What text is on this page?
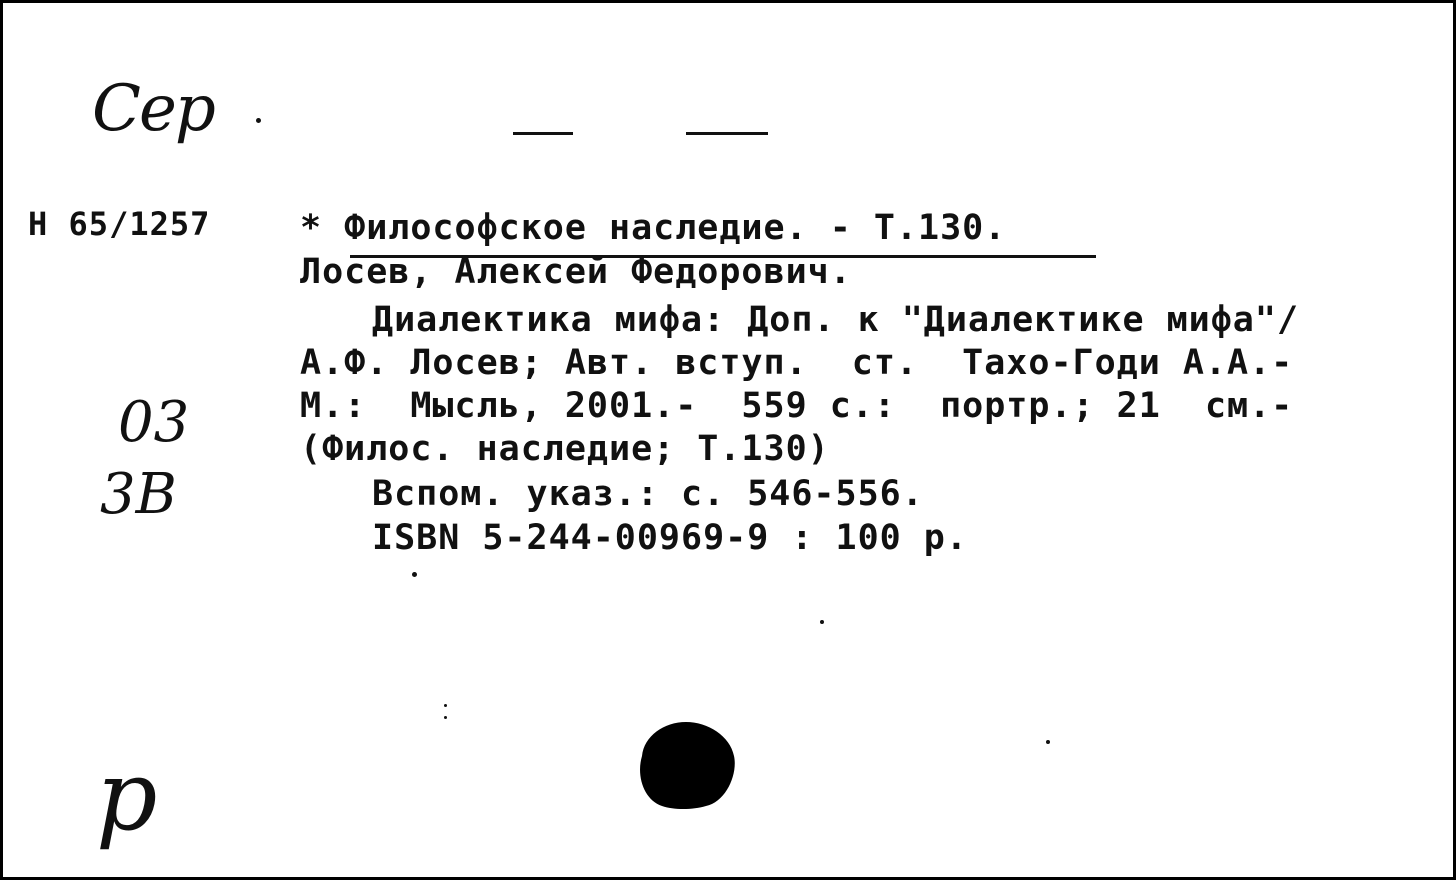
Сер
Н 65/1257	* Философское наследие. - Т.130.
Лосев, Алексей Федорович.
Диалектика мифа: Доп. к "Диалектике мифа"/
А.Ф. Лосев; Авт. вступ.  ст.  Тахо-Годи А.А.-
М.:  Мысль, 2001.-  559 с.:  портр.; 21  см.-
(Филос. наследие; Т.130)
Вспом. указ.: с. 546-556.
ISBN 5-244-00969-9 : 100 р.
03
3В
р
